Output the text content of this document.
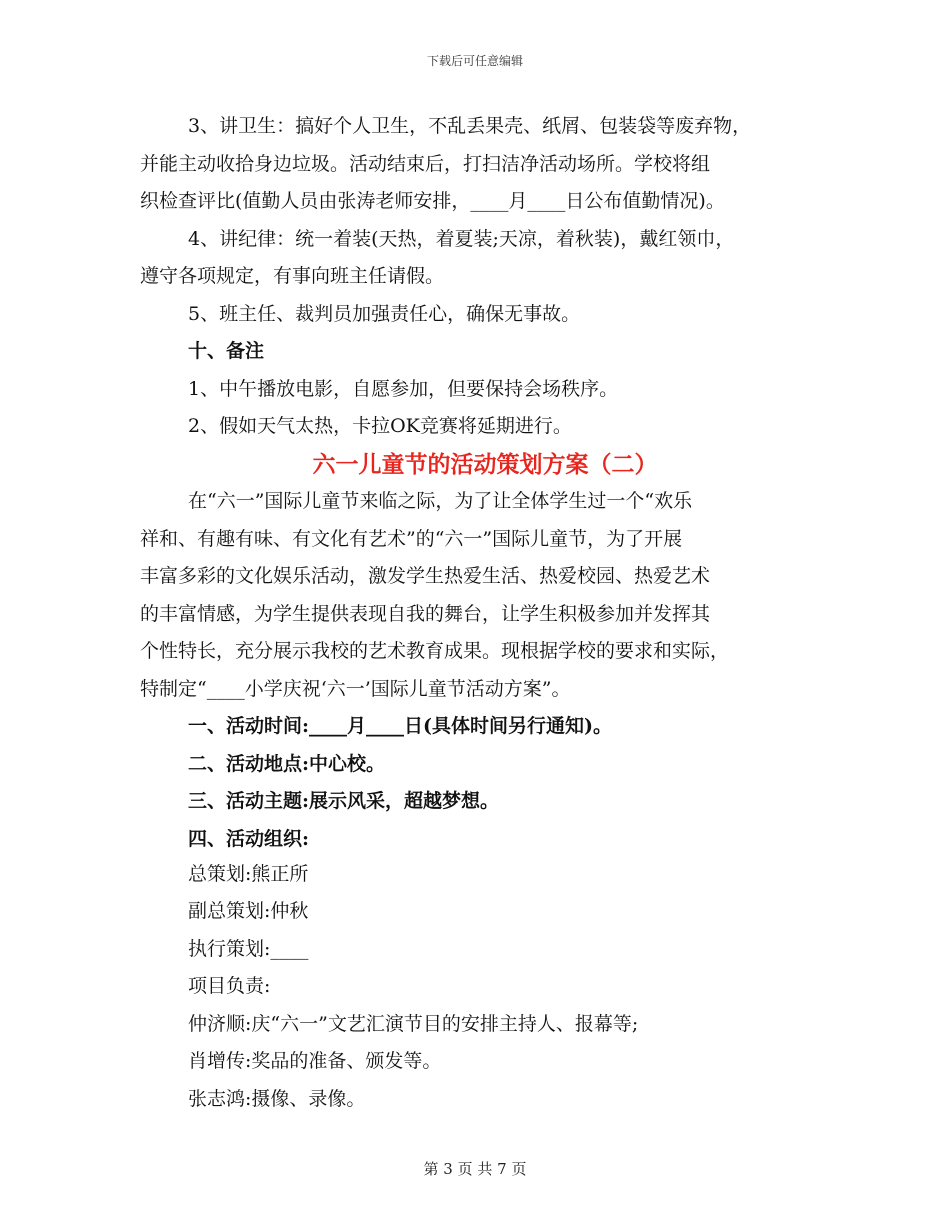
下载后可任意编辑
3、讲卫生：搞好个人卫生，不乱丢果壳、纸屑、包装袋等废弃物，
并能主动收拾身边垃圾。活动结束后，打扫洁净活动场所。学校将组
织检查评比(值勤人员由张涛老师安排，____月____日公布值勤情况)。
4、讲纪律：统一着装(天热，着夏装;天凉，着秋装)，戴红领巾，
遵守各项规定，有事向班主任请假。
5、班主任、裁判员加强责任心，确保无事故。
十、备注
1、中午播放电影，自愿参加，但要保持会场秩序。
2、假如天气太热，卡拉OK竞赛将延期进行。
六一儿童节的活动策划方案（二）
在“六一”国际儿童节来临之际，为了让全体学生过一个“欢乐
祥和、有趣有味、有文化有艺术”的“六一”国际儿童节，为了开展
丰富多彩的文化娱乐活动，激发学生热爱生活、热爱校园、热爱艺术
的丰富情感，为学生提供表现自我的舞台，让学生积极参加并发挥其
个性特长，充分展示我校的艺术教育成果。现根据学校的要求和实际，
特制定“____小学庆祝‘六一’国际儿童节活动方案”。
一、活动时间:____月____日(具体时间另行通知)。
二、活动地点:中心校。
三、活动主题:展示风采，超越梦想。
四、活动组织:
总策划:熊正所
副总策划:仲秋
执行策划:____
项目负责:
仲济顺:庆“六一”文艺汇演节目的安排主持人、报幕等;
肖增传:奖品的准备、颁发等。
张志鸿:摄像、录像。
第 3 页 共 7 页
